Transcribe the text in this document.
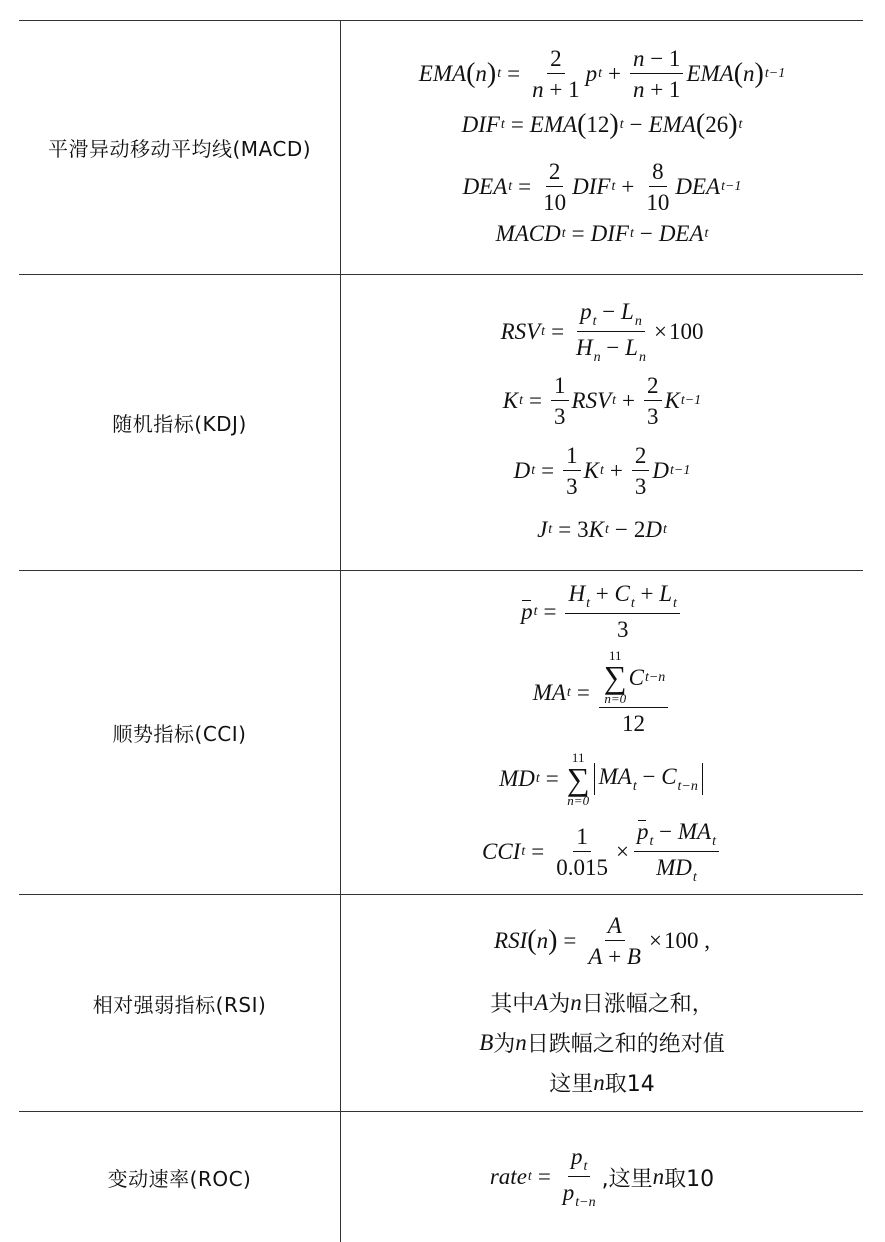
平滑异动移动平均线(MACD)
EMA ( n ) $t = \frac{2}{n + 1}$ p $t + \frac{n - 1}{n + 1}$ EMA ( n ) t−1
DIF t = EMA ( 12 ) t − EMA ( 26 ) t
DEA $t = \frac{2}{10}$ DIF $t + \frac{8}{10}$ DEA t−1
MACD t = DIF t − DEA t
随机指标(KDJ)
RSV $t = \frac{p_t - L_n}{H_n - L_n} \times 100$
K $t = \frac{1}{3}$ RSV $t + \frac{2}{3}$ K t−1
D $t = \frac{1}{3}$ K $t + \frac{2}{3}$ D t−1
J t = 3 K t − 2 D t
顺势指标(CCI)
p $t = \frac{H_t + C_t + L_t}{3}$
MA t = 11
∑
n=0
C t−n
12
MD t =
11
∑
n=0
$MA_t - C_{t-n}$
CCI $t = \frac{1}{0.015} \times \frac{p_t - MA_t}{MD_t}$
相对强弱指标(RSI)
RSI ( n ) = $\frac{A}{A + B} \times 100$ ,
其中 A 为 n 日涨幅之和，
B 为 n 日跌幅之和的绝对值
这里 n 取14
变动速率(ROC)	rate $t = \frac{p_t}{p_{t-n}}$ ,这里 n 取10
